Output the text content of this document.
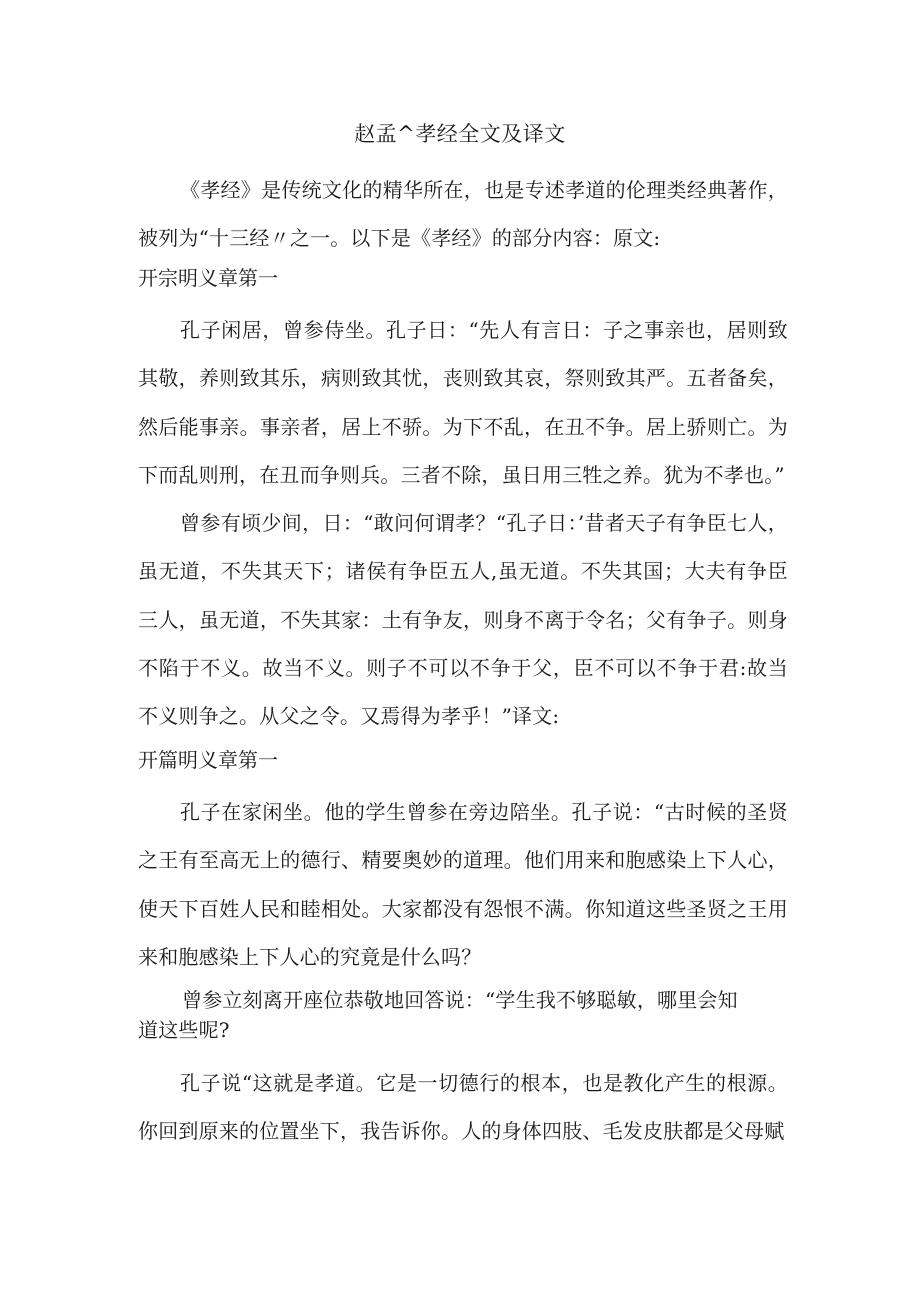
赵孟^孝经全文及译文
《孝经》是传统文化的精华所在，也是专述孝道的伦理类经典著作，被列为“十三经〃之一。以下是《孝经》的部分内容：原文:
开宗明义章第一
孔子闲居，曾参侍坐。孔子日：“先人有言日：子之事亲也，居则致其敬，养则致其乐，病则致其忧，丧则致其哀，祭则致其严。五者备矣，然后能事亲。事亲者，居上不骄。为下不乱，在丑不争。居上骄则亡。为下而乱则刑，在丑而争则兵。三者不除，虽日用三牲之养。犹为不孝也。”
曾参有顷少间，日：“敢问何谓孝？“孔子日：’昔者天子有争臣七人，虽无道，不失其天下；诸侯有争臣五人,虽无道。不失其国；大夫有争臣三人，虽无道，不失其家：土有争友，则身不离于令名；父有争子。则身不陷于不义。故当不义。则子不可以不争于父，臣不可以不争于君:故当不义则争之。从父之令。又焉得为孝乎！”译文:
开篇明义章第一
孔子在家闲坐。他的学生曾参在旁边陪坐。孔子说：“古时候的圣贤之王有至高无上的德行、精要奥妙的道理。他们用来和胞感染上下人心，使天下百姓人民和睦相处。大家都没有怨恨不满。你知道这些圣贤之王用来和胞感染上下人心的究竟是什么吗？
曾参立刻离开座位恭敬地回答说：“学生我不够聪敏，哪里会知
道这些呢?
孔子说“这就是孝道。它是一切德行的根本，也是教化产生的根源。你回到原来的位置坐下，我告诉你。人的身体四肢、毛发皮肤都是父母赋
